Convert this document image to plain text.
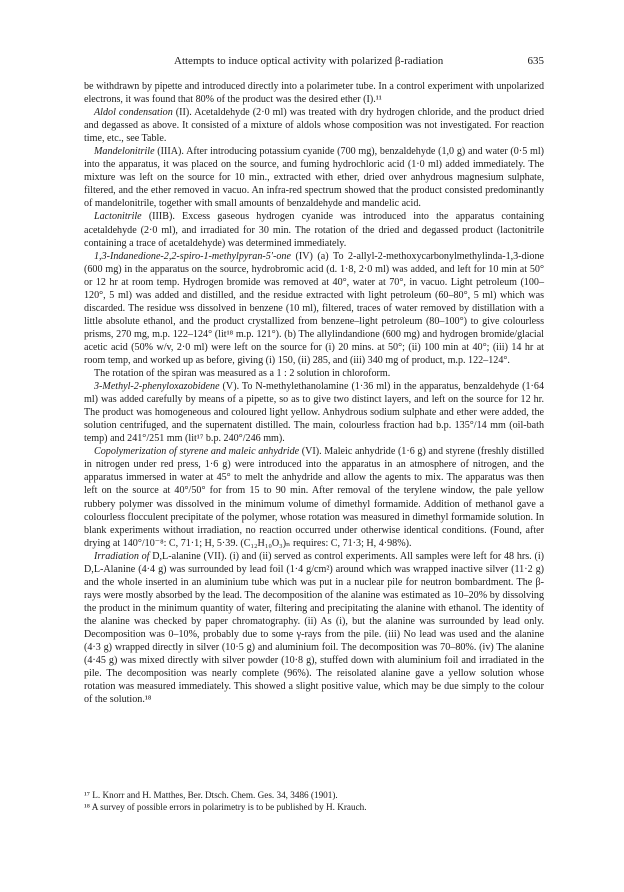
Attempts to induce optical activity with polarized β-radiation	635

be withdrawn by pipette and introduced directly into a polarimeter tube. In a control experiment with unpolarized electrons, it was found that 80% of the product was the desired ether (I).¹¹

Aldol condensation (II). Acetaldehyde (2·0 ml) was treated with dry hydrogen chloride, and the product dried and degassed as above. It consisted of a mixture of aldols whose composition was not investigated. For reaction time, etc., see Table.

Mandelonitrile (IIIA). After introducing potassium cyanide (700 mg), benzaldehyde (1,0 g) and water (0·5 ml) into the apparatus, it was placed on the source, and fuming hydrochloric acid (1·0 ml) added immediately. The mixture was left on the source for 10 min., extracted with ether, dried over anhydrous magnesium sulphate, filtered, and the ether removed in vacuo. An infra-red spectrum showed that the product consisted predominantly of mandelonitrile, together with small amounts of benzaldehyde and mandelic acid.

Lactonitrile (IIIB). Excess gaseous hydrogen cyanide was introduced into the apparatus containing acetaldehyde (2·0 ml), and irradiated for 30 min. The rotation of the dried and degassed product (lactonitrile containing a trace of acetaldehyde) was determined immediately.

1,3-Indanedione-2,2-spiro-1-methylpyran-5′-one (IV) (a) To 2-allyl-2-methoxycarbonylmethylinda-1,3-dione (600 mg) in the apparatus on the source, hydrobromic acid (d. 1·8, 2·0 ml) was added, and left for 10 min at 50° or 12 hr at room temp. Hydrogen bromide was removed at 40°, water at 70°, in vacuo. Light petroleum (100–120°, 5 ml) was added and distilled, and the residue extracted with light petroleum (60–80°, 5 ml) which was discarded. The residue wss dissolved in benzene (10 ml), filtered, traces of water removed by distillation with a little absolute ethanol, and the product crystallized from benzene–light petroleum (80–100°) to give colourless prisms, 270 mg, m.p. 122–124° (lit¹⁸ m.p. 121°). (b) The allylindandione (600 mg) and hydrogen bromide/glacial acetic acid (50% w/v, 2·0 ml) were left on the source for (i) 20 mins. at 50°; (ii) 100 min at 40°; (iii) 14 hr at room temp, and worked up as before, giving (i) 150, (ii) 285, and (iii) 340 mg of product, m.p. 122–124°.

The rotation of the spiran was measured as a 1 : 2 solution in chloroform.

3-Methyl-2-phenyloxazobidene (V). To N-methylethanolamine (1·36 ml) in the apparatus, benzaldehyde (1·64 ml) was added carefully by means of a pipette, so as to give two distinct layers, and left on the source for 12 hr. The product was homogeneous and coloured light yellow. Anhydrous sodium sulphate and ether were added, the solution centrifuged, and the supernatent distilled. The main, colourless fraction had b.p. 135°/14 mm (oil-bath temp) and 241°/251 mm (lit¹⁷ b.p. 240°/246 mm).

Copolymerization of styrene and maleic anhydride (VI). Maleic anhydride (1·6 g) and styrene (freshly distilled in nitrogen under red press, 1·6 g) were introduced into the apparatus in an atmosphere of nitrogen, and the apparatus immersed in water at 45° to melt the anhydride and allow the agents to mix. The apparatus was then left on the source at 40°/50° for from 15 to 90 min. After removal of the terylene window, the pale yellow rubbery polymer was dissolved in the minimum volume of dimethyl formamide. Addition of methanol gave a colourless flocculent precipitate of the polymer, whose rotation was measured in dimethyl formamide solution. In blank experiments without irradiation, no reaction occurred under otherwise identical conditions. (Found, after drying at 140°/10⁻⁸: C, 71·1; H, 5·39. (C₁₂H₁₀O₃)ₙ requires: C, 71·3; H, 4·98%).

Irradiation of D,L-alanine (VII). (i) and (ii) served as control experiments. All samples were left for 48 hrs. (i) D,L-Alanine (4·4 g) was surrounded by lead foil (1·4 g/cm²) around which was wrapped inactive silver (11·2 g) and the whole inserted in an aluminium tube which was put in a nuclear pile for neutron bombardment. The β-rays were mostly absorbed by the lead. The decomposition of the alanine was estimated as 10–20% by dissolving the product in the minimum quantity of water, filtering and precipitating the alanine with ethanol. The identity of the alanine was checked by paper chromatography. (ii) As (i), but the alanine was surrounded by lead only. Decomposition was 0–10%, probably due to some γ-rays from the pile. (iii) No lead was used and the alanine (4·3 g) wrapped directly in silver (10·5 g) and aluminium foil. The decomposition was 70–80%. (iv) The alanine (4·45 g) was mixed directly with silver powder (10·8 g), stuffed down with aluminium foil and irradiated in the pile. The decomposition was nearly complete (96%). The reisolated alanine gave a yellow solution whose rotation was measured immediately. This showed a slight positive value, which may be due simply to the colour of the solution.¹⁸

¹⁷ L. Knorr and H. Matthes, Ber. Dtsch. Chem. Ges. 34, 3486 (1901).

¹⁸ A survey of possible errors in polarimetry is to be published by H. Krauch.
